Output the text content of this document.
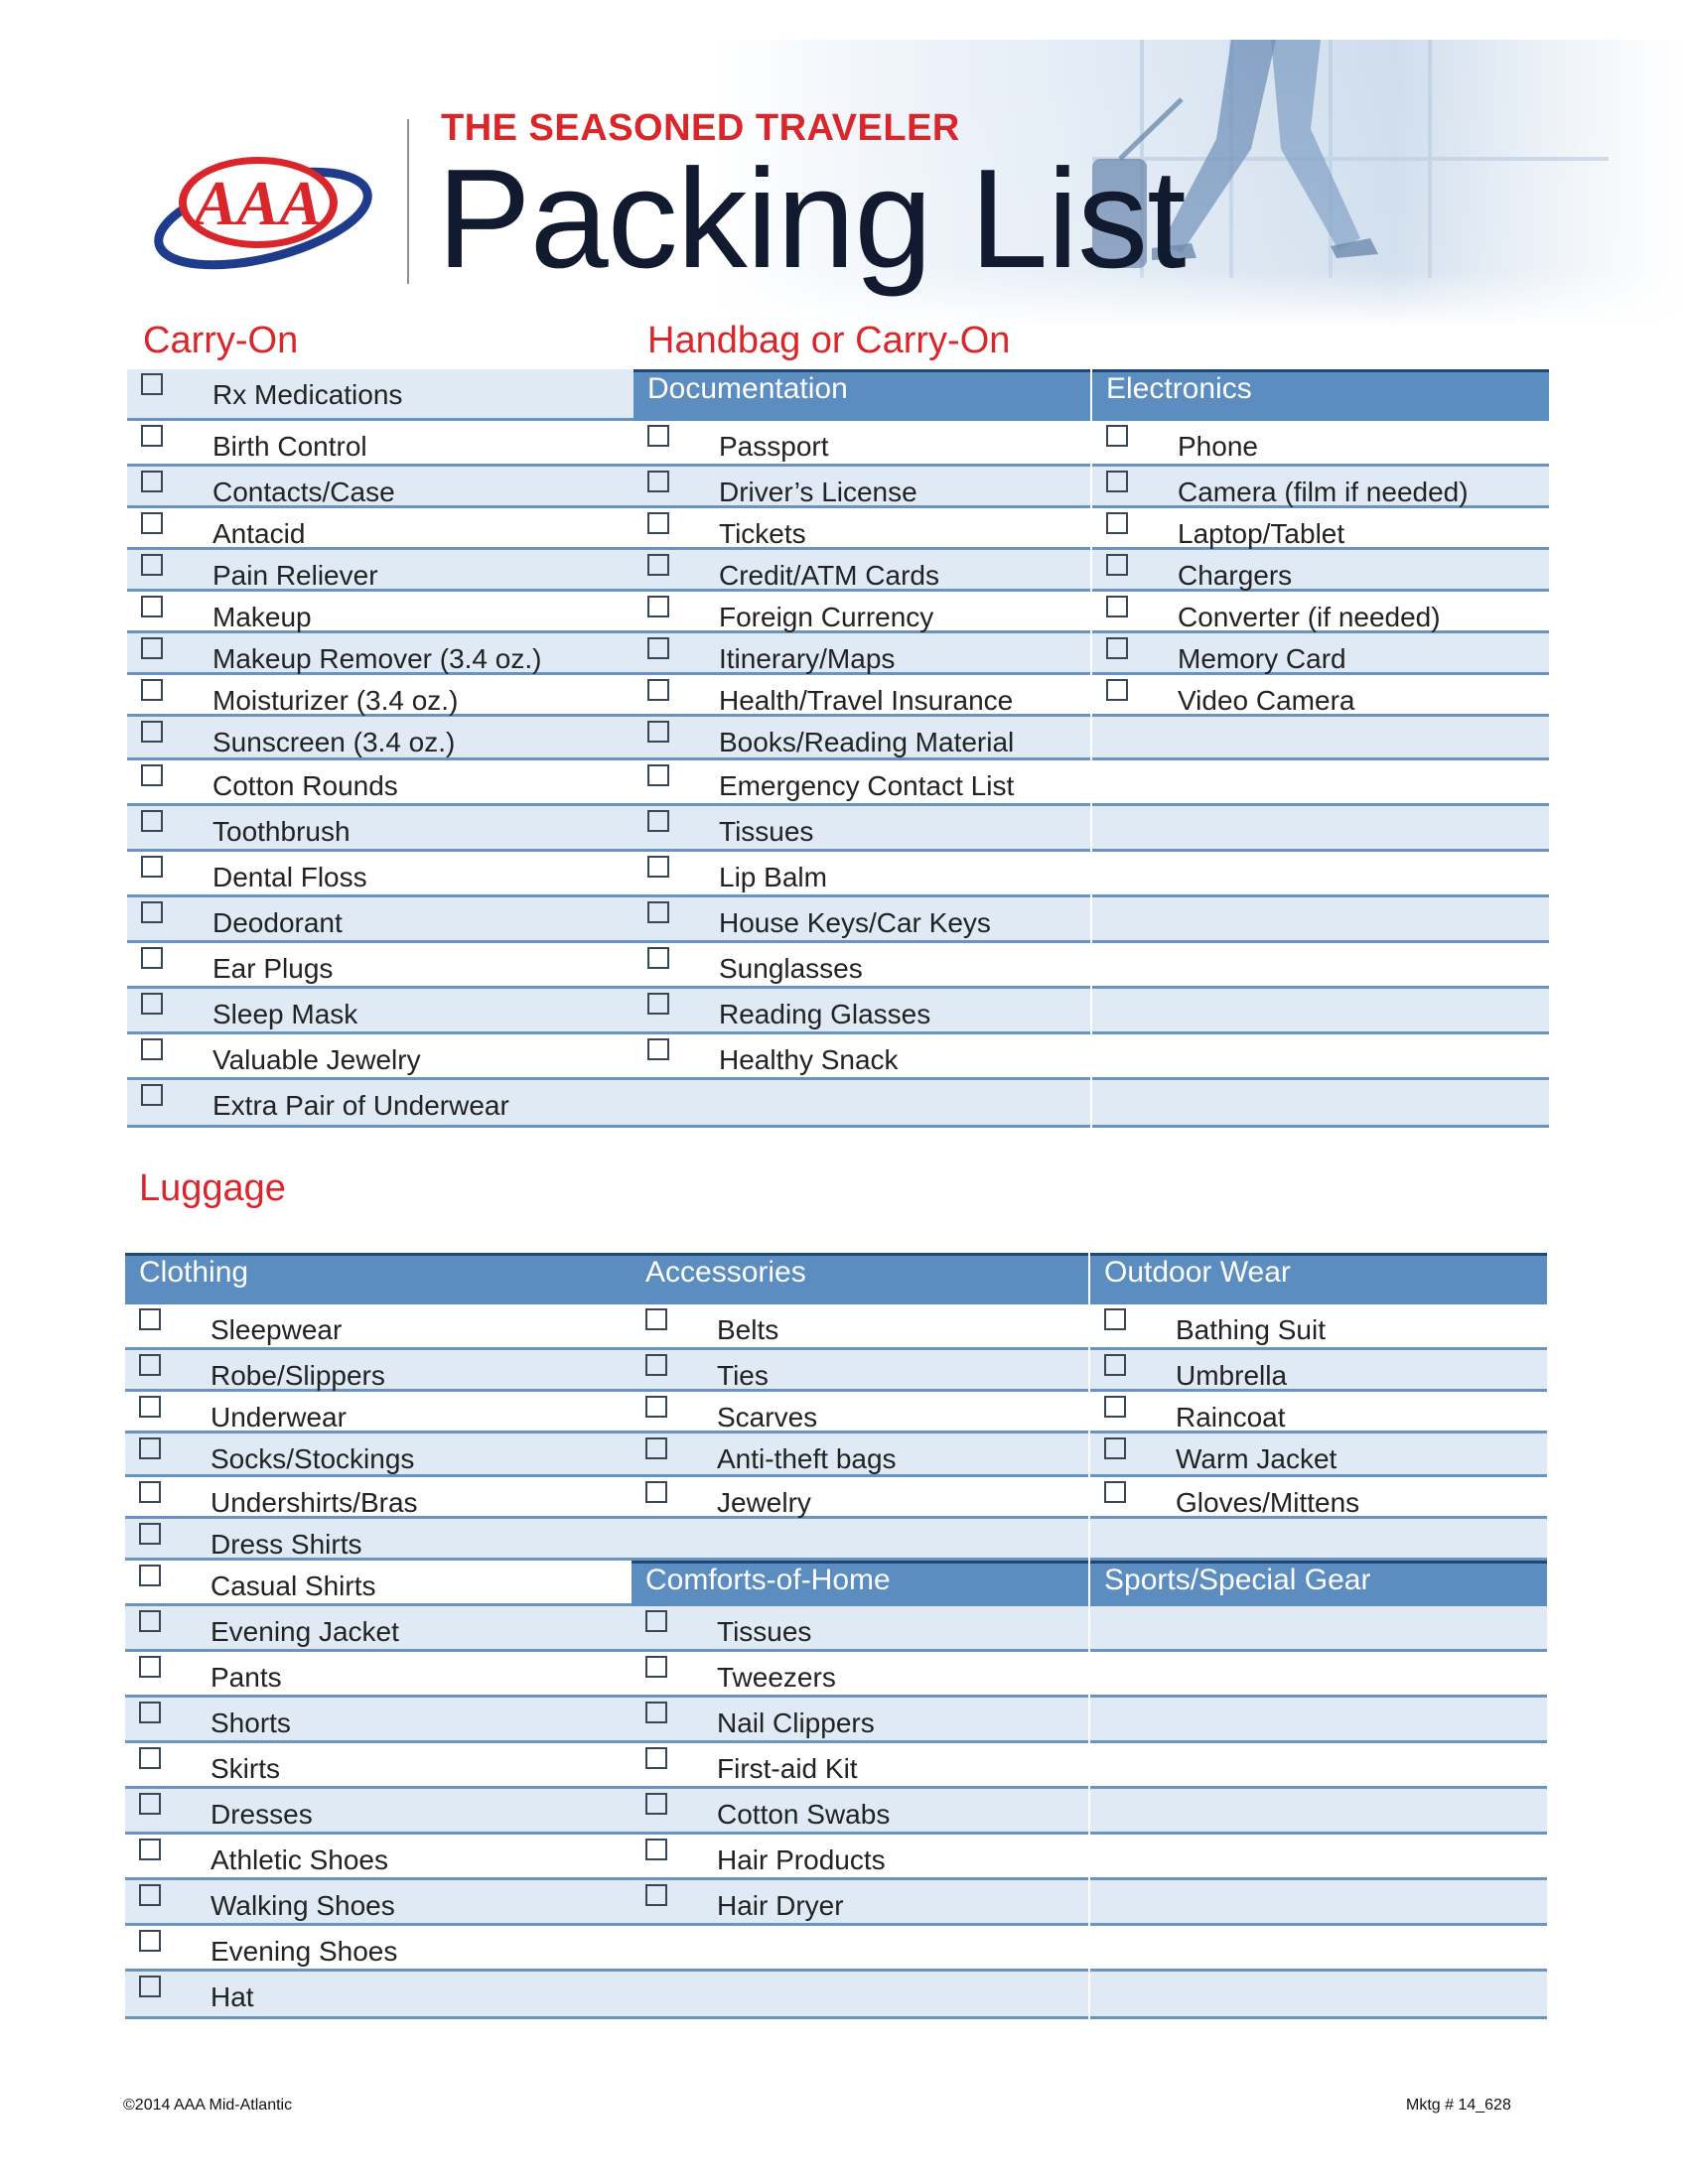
AAA
THE SEASONED TRAVELER
Packing List
Carry-On	Handbag or Carry-On
Luggage
Rx Medications
Birth Control
Contacts/Case
Antacid
Pain Reliever
Makeup
Makeup Remover (3.4 oz.)
Moisturizer (3.4 oz.)
Sunscreen (3.4 oz.)
Cotton Rounds
Toothbrush
Dental Floss
Deodorant
Ear Plugs
Sleep Mask
Valuable Jewelry
Extra Pair of Underwear
Documentation
Passport
Driver’s License
Tickets
Credit/ATM Cards
Foreign Currency
Itinerary/Maps
Health/Travel Insurance
Books/Reading Material
Emergency Contact List
Tissues
Lip Balm
House Keys/Car Keys
Sunglasses
Reading Glasses
Healthy Snack
Electronics
Phone
Camera (film if needed)
Laptop/Tablet
Chargers
Converter (if needed)
Memory Card
Video Camera
Clothing
Sleepwear
Robe/Slippers
Underwear
Socks/Stockings
Undershirts/Bras
Dress Shirts
Casual Shirts
Evening Jacket
Pants
Shorts
Skirts
Dresses
Athletic Shoes
Walking Shoes
Evening Shoes
Hat
Accessories
Belts
Ties
Scarves
Anti-theft bags
Jewelry
Comforts-of-Home
Tissues
Tweezers
Nail Clippers
First-aid Kit
Cotton Swabs
Hair Products
Hair Dryer
Outdoor Wear
Bathing Suit
Umbrella
Raincoat
Warm Jacket
Gloves/Mittens
Sports/Special Gear
©2014 AAA Mid-Atlantic	Mktg # 14_628
